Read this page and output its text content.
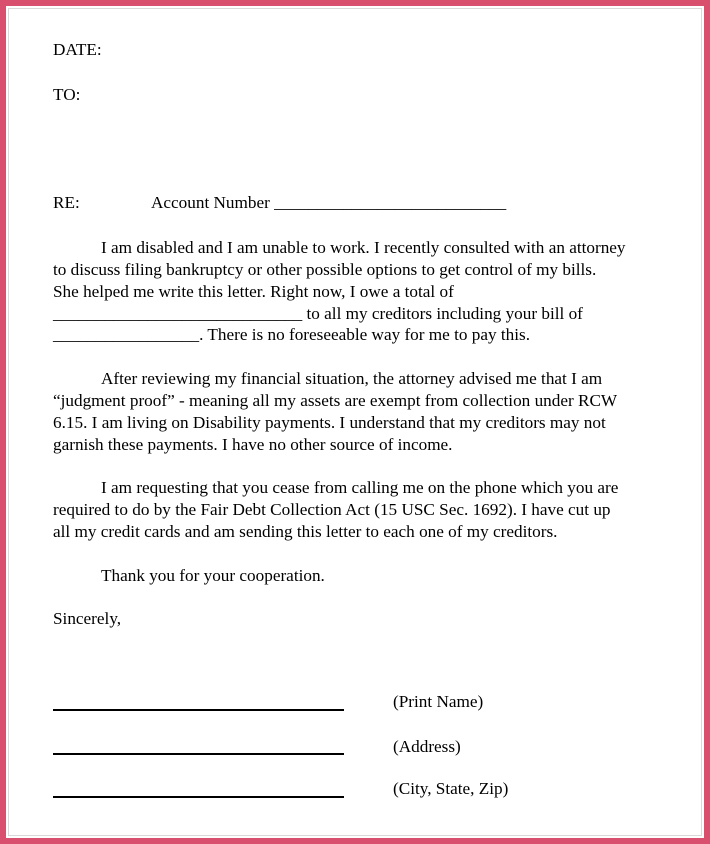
DATE:
TO:
RE:	Account Number ___________________________
I am disabled and I am unable to work. I recently consulted with an attorney
to discuss filing bankruptcy or other possible options to get control of my bills.
She helped me write this letter. Right now, I owe a total of
_____________________________ to all my creditors including your bill of
_________________. There is no foreseeable way for me to pay this.
After reviewing my financial situation, the attorney advised me that I am
“judgment proof” - meaning all my assets are exempt from collection under RCW
6.15. I am living on Disability payments. I understand that my creditors may not
garnish these payments. I have no other source of income.
I am requesting that you cease from calling me on the phone which you are
required to do by the Fair Debt Collection Act (15 USC Sec. 1692). I have cut up
all my credit cards and am sending this letter to each one of my creditors.
Thank you for your cooperation.
Sincerely,
(Print Name)
(Address)
(City, State, Zip)
